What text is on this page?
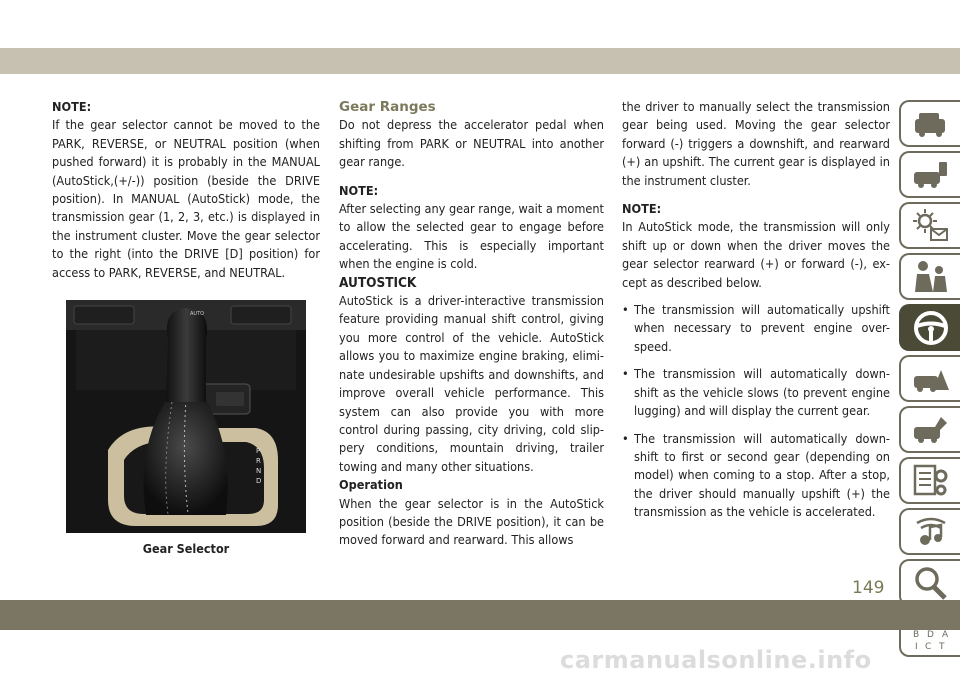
NOTE:

If the gear selector cannot be moved to the PARK, REVERSE, or NEUTRAL position (when pushed forward) it is probably in the MANUAL (AutoStick,(+/-)) position (beside the DRIVE position). In MANUAL (AutoStick) mode, the transmission gear (1, 2, 3, etc.) is displayed in the instrument cluster. Move the gear selector to the right (into the DRIVE [D] position) for access to PARK, REVERSE, and NEUTRAL.

P
R
N
D
AUTO
Gear Selector

Gear Ranges

Do not depress the accelerator pedal when shifting from PARK or NEUTRAL into another gear range.

NOTE:

After selecting any gear range, wait a moment to allow the selected gear to engage before accelerating. This is especially important when the engine is cold.

AUTOSTICK

AutoStick is a driver-interactive transmission feature providing manual shift control, giving you more control of the vehicle. AutoStick allows you to maximize engine braking, elimi-nate undesirable upshifts and downshifts, and improve overall vehicle performance. This system can also provide you with more control during passing, city driving, cold slip-pery conditions, mountain driving, trailer towing and many other situations.

Operation

When the gear selector is in the AutoStick position (beside the DRIVE position), it can be moved forward and rearward. This allows

the driver to manually select the transmission gear being used. Moving the gear selector forward (-) triggers a downshift, and rearward (+) an upshift. The current gear is displayed in the instrument cluster.

NOTE:

In AutoStick mode, the transmission will only shift up or down when the driver moves the gear selector rearward (+) or forward (-), ex-cept as described below.

• The transmission will automatically upshift when necessary to prevent engine over-speed.

• The transmission will automatically down-shift as the vehicle slows (to prevent engine lugging) and will display the current gear.

• The transmission will automatically down-shift to first or second gear (depending on model) when coming to a stop. After a stop, the driver should manually upshift (+) the transmission as the vehicle is accelerated.

B D A
I C T
149
carmanualsonline.info
